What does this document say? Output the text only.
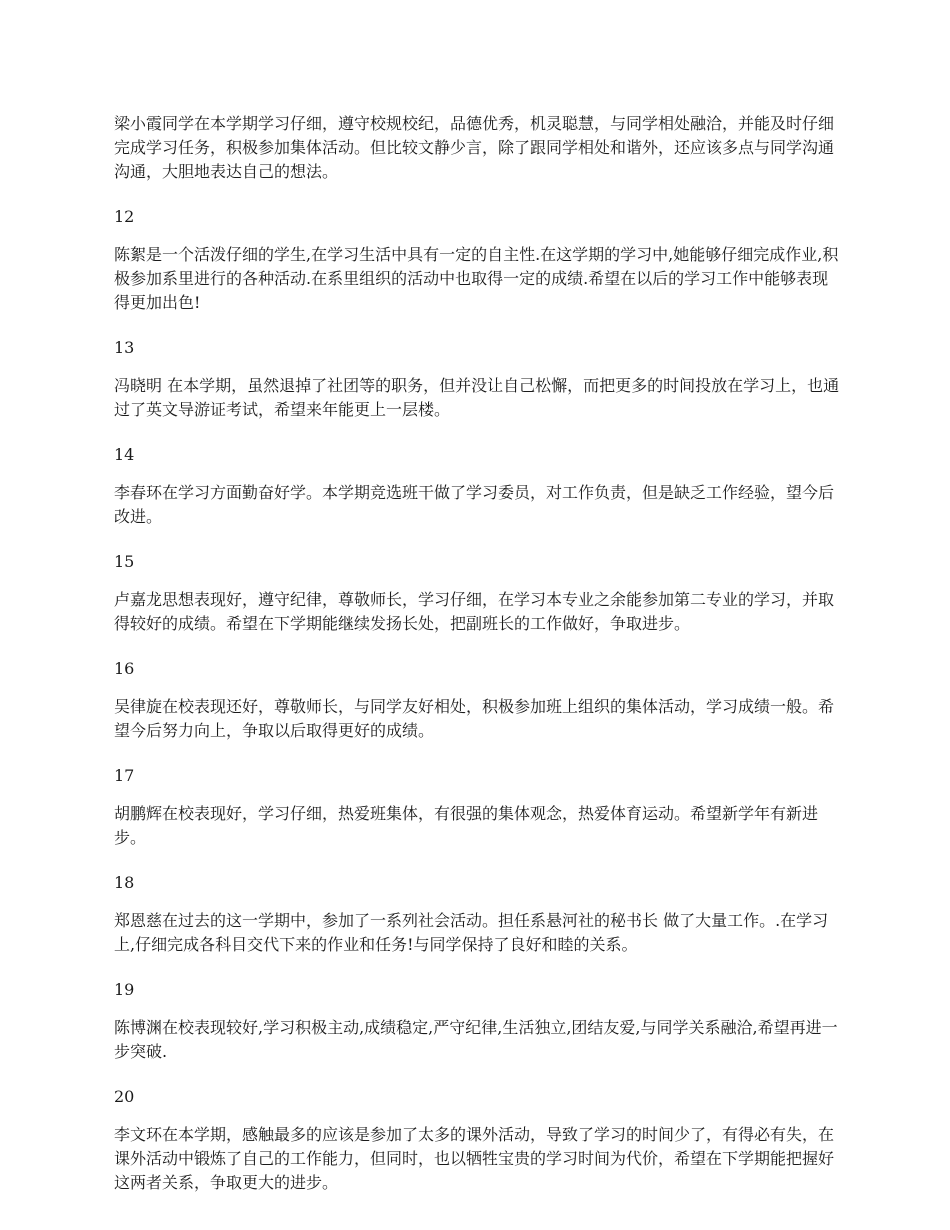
梁小霞同学在本学期学习仔细，遵守校规校纪，品德优秀，机灵聪慧，与同学相处融洽，并能及时仔细完成学习任务，积极参加集体活动。但比较文静少言，除了跟同学相处和谐外，还应该多点与同学沟通沟通，大胆地表达自己的想法。

12

陈絮是一个活泼仔细的学生,在学习生活中具有一定的自主性.在这学期的学习中,她能够仔细完成作业,积极参加系里进行的各种活动.在系里组织的活动中也取得一定的成绩.希望在以后的学习工作中能够表现得更加出色!

13

冯晓明 在本学期，虽然退掉了社团等的职务，但并没让自己松懈，而把更多的时间投放在学习上，也通过了英文导游证考试，希望来年能更上一层楼。

14

李春环在学习方面勤奋好学。本学期竞选班干做了学习委员，对工作负责，但是缺乏工作经验，望今后改进。

15

卢嘉龙思想表现好，遵守纪律，尊敬师长，学习仔细，在学习本专业之余能参加第二专业的学习，并取得较好的成绩。希望在下学期能继续发扬长处，把副班长的工作做好，争取进步。

16

吴律旋在校表现还好，尊敬师长，与同学友好相处，积极参加班上组织的集体活动，学习成绩一般。希望今后努力向上，争取以后取得更好的成绩。

17

胡鹏辉在校表现好，学习仔细，热爱班集体，有很强的集体观念，热爱体育运动。希望新学年有新进步。

18

郑恩慈在过去的这一学期中，参加了一系列社会活动。担任系悬河社的秘书长 做了大量工作。.在学习上,仔细完成各科目交代下来的作业和任务!与同学保持了良好和睦的关系。

19

陈博渊在校表现较好,学习积极主动,成绩稳定,严守纪律,生活独立,团结友爱,与同学关系融洽,希望再进一步突破.

20

李文环在本学期，感触最多的应该是参加了太多的课外活动，导致了学习的时间少了，有得必有失，在课外活动中锻炼了自己的工作能力，但同时，也以牺牲宝贵的学习时间为代价，希望在下学期能把握好这两者关系，争取更大的进步。
